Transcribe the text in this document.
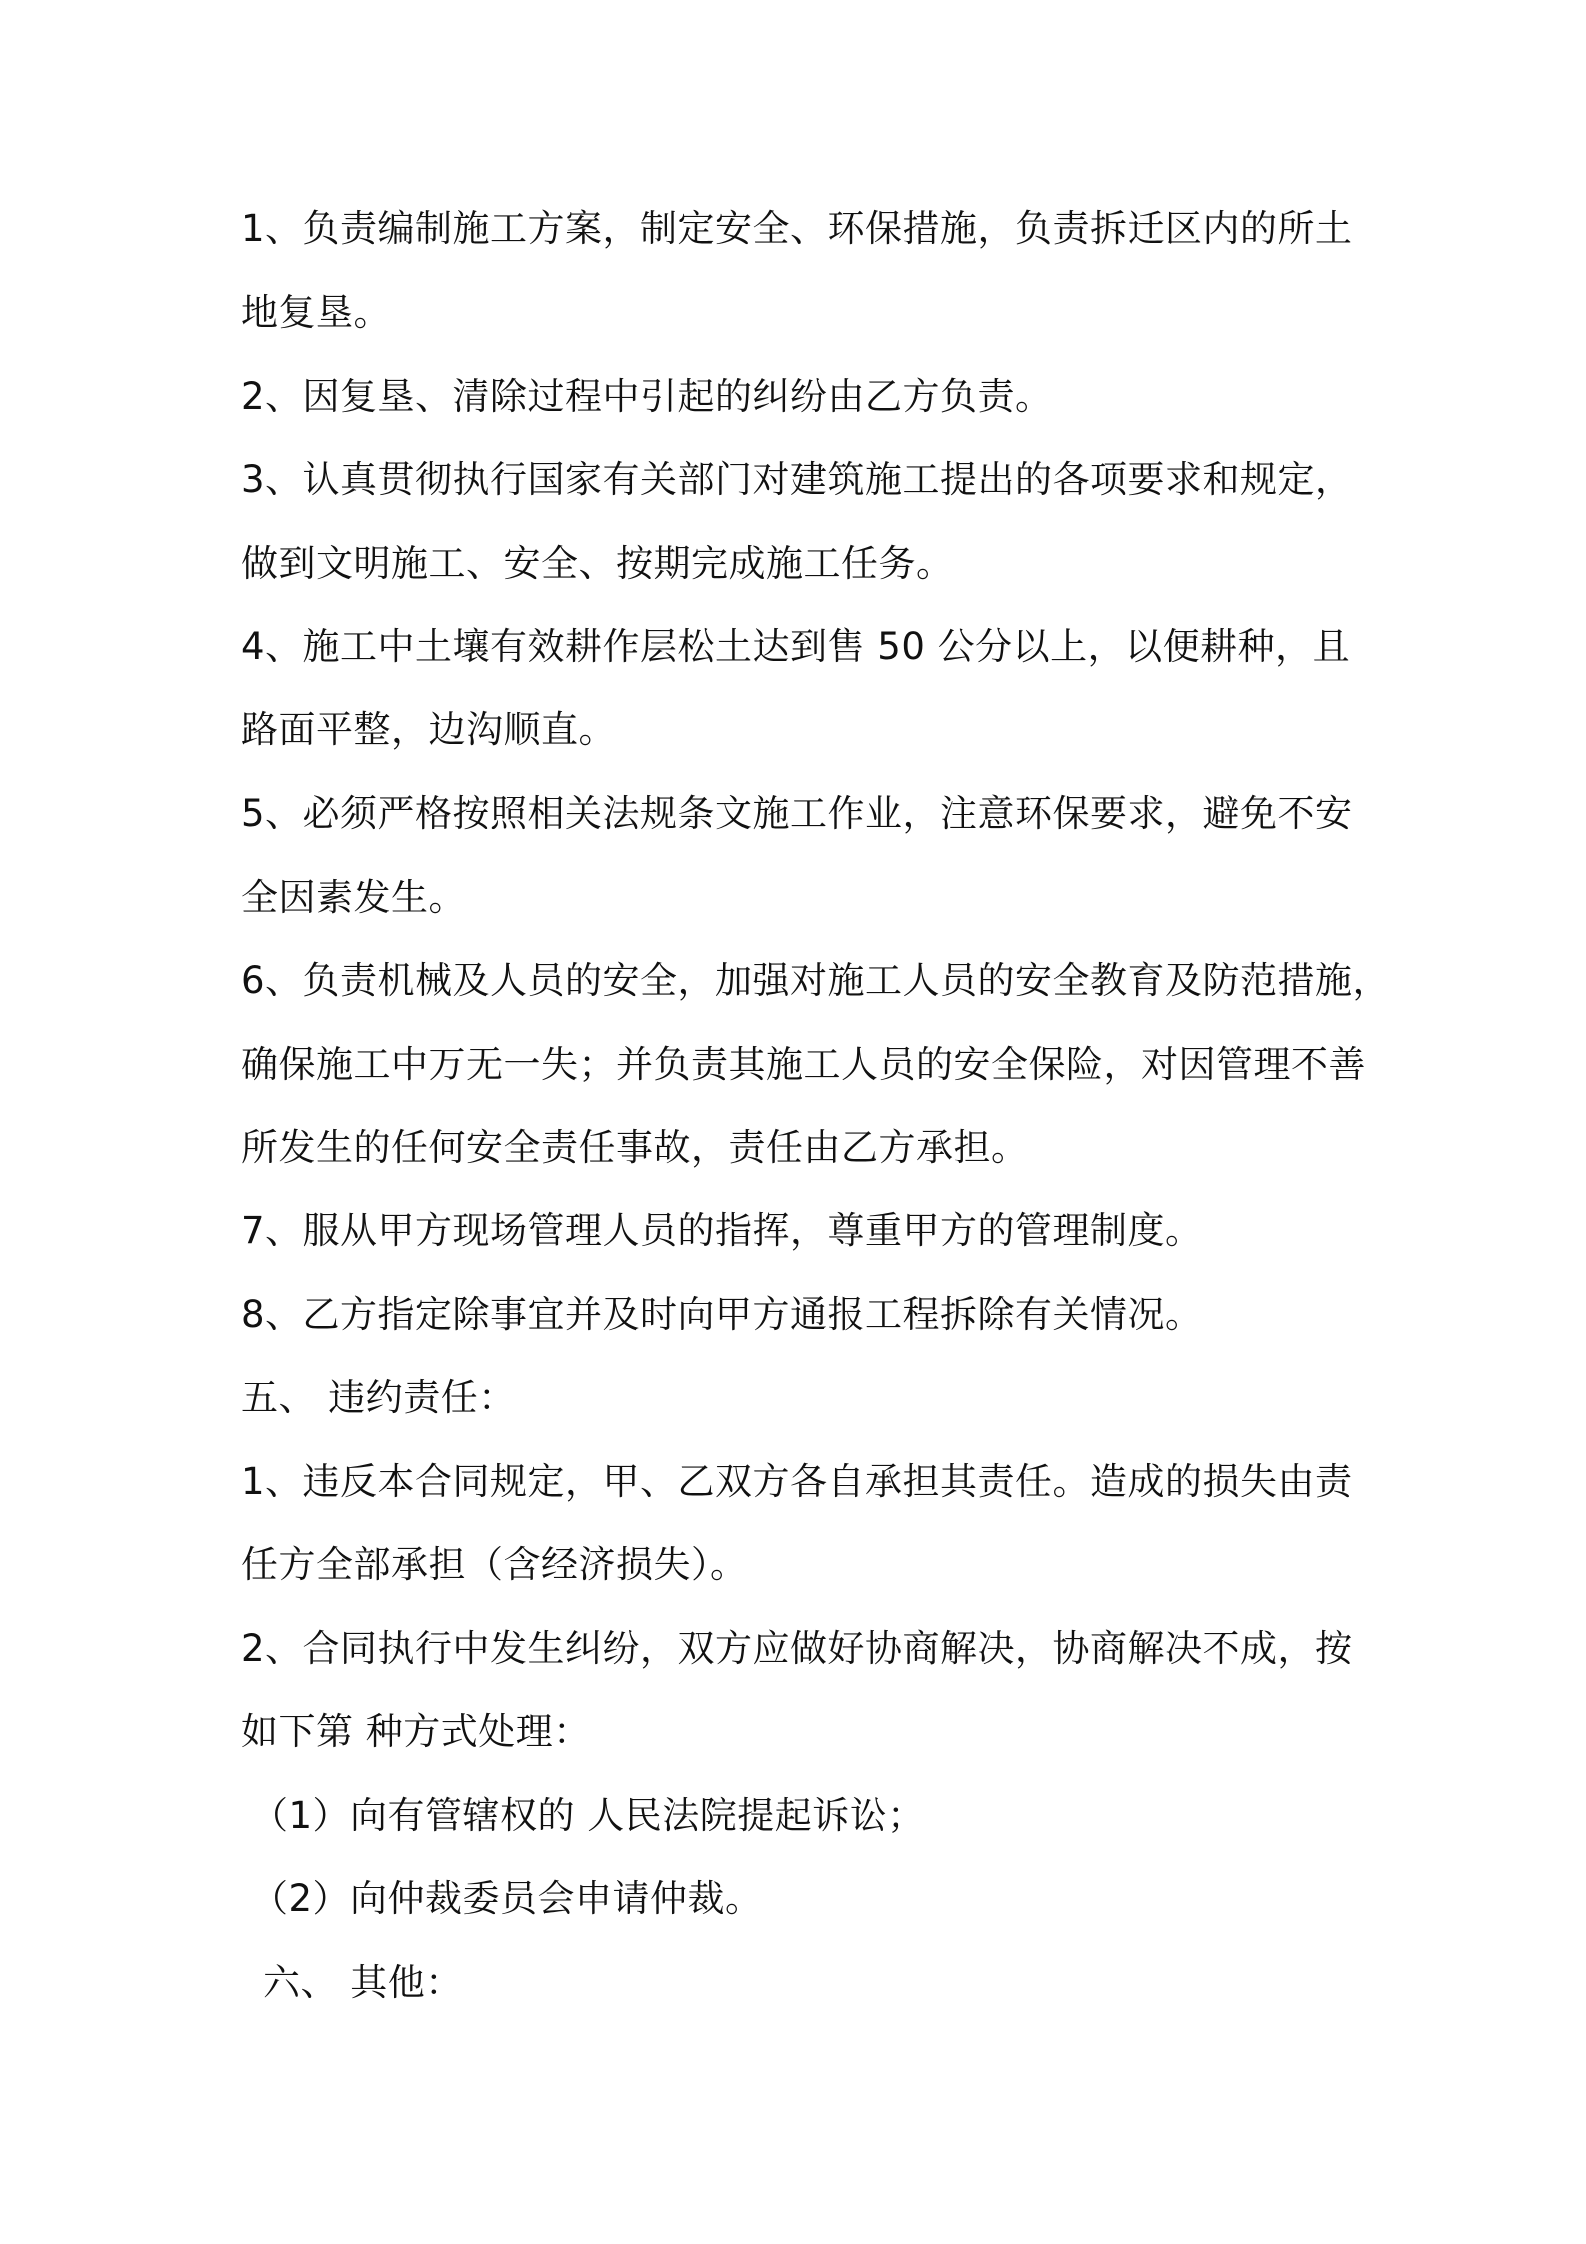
1、负责编制施工方案，制定安全、环保措施，负责拆迁区内的所土
地复垦。
2、因复垦、清除过程中引起的纠纷由乙方负责。
3、认真贯彻执行国家有关部门对建筑施工提出的各项要求和规定，
做到文明施工、安全、按期完成施工任务。
4、施工中土壤有效耕作层松土达到售 50 公分以上，以便耕种，且
路面平整，边沟顺直。
5、必须严格按照相关法规条文施工作业，注意环保要求，避免不安
全因素发生。
6、负责机械及人员的安全，加强对施工人员的安全教育及防范措施，
确保施工中万无一失；并负责其施工人员的安全保险，对因管理不善
所发生的任何安全责任事故，责任由乙方承担。
7、服从甲方现场管理人员的指挥，尊重甲方的管理制度。
8、乙方指定除事宜并及时向甲方通报工程拆除有关情况。
五、 违约责任：
1、违反本合同规定，甲、乙双方各自承担其责任。造成的损失由责
任方全部承担（含经济损失）。
2、合同执行中发生纠纷，双方应做好协商解决，协商解决不成，按
如下第 种方式处理：
（1）向有管辖权的 人民法院提起诉讼；
（2）向仲裁委员会申请仲裁。
六、 其他：
